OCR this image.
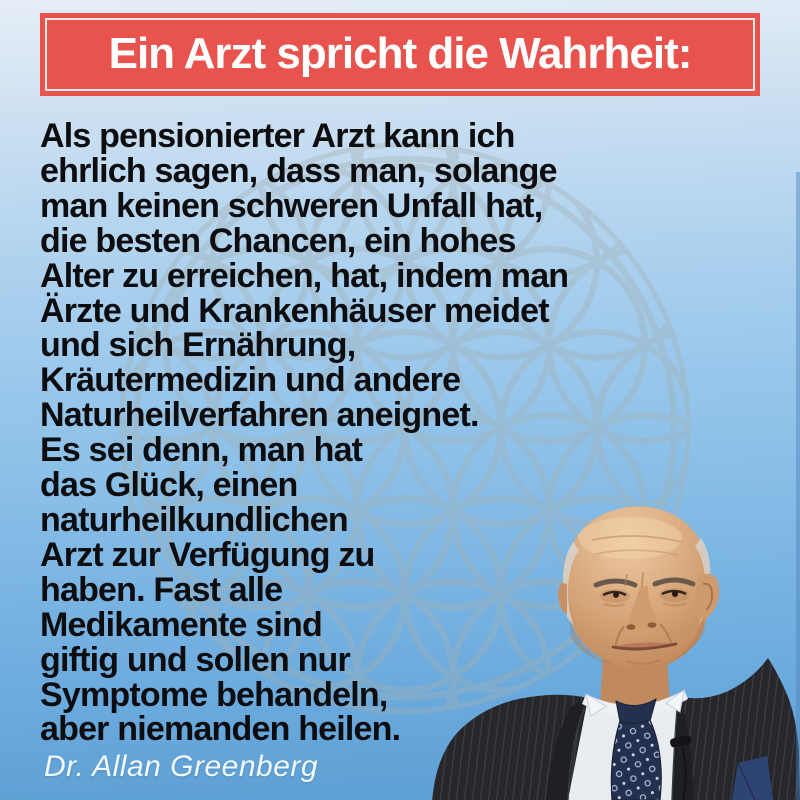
Ein Arzt spricht die Wahrheit:
Als pensionierter Arzt kann ich
ehrlich sagen, dass man, solange
man keinen schweren Unfall hat,
die besten Chancen, ein hohes
Alter zu erreichen, hat, indem man
Ärzte und Krankenhäuser meidet
und sich Ernährung,
Kräutermedizin und andere
Naturheilverfahren aneignet.
Es sei denn, man hat
das Glück, einen
naturheilkundlichen
Arzt zur Verfügung zu
haben. Fast alle
Medikamente sind
giftig und sollen nur
Symptome behandeln,
aber niemanden heilen.
Dr. Allan Greenberg
